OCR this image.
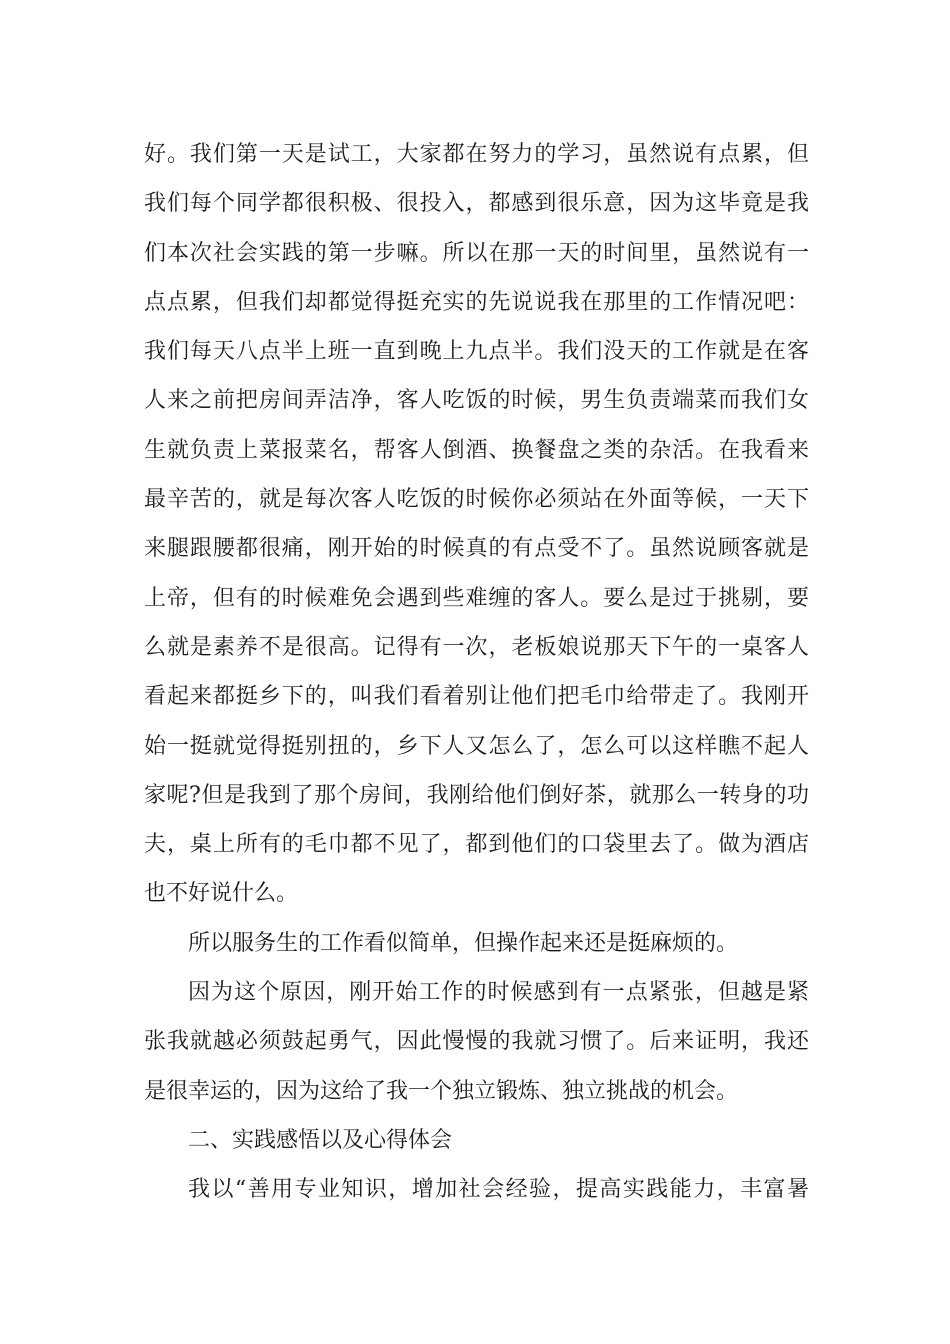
好。我们第一天是试工，大家都在努力的学习，虽然说有点累，但
我们每个同学都很积极、很投入，都感到很乐意，因为这毕竟是我
们本次社会实践的第一步嘛。所以在那一天的时间里，虽然说有一
点点累，但我们却都觉得挺充实的先说说我在那里的工作情况吧：
我们每天八点半上班一直到晚上九点半。我们没天的工作就是在客
人来之前把房间弄洁净，客人吃饭的时候，男生负责端菜而我们女
生就负责上菜报菜名，帮客人倒酒、换餐盘之类的杂活。在我看来
最辛苦的，就是每次客人吃饭的时候你必须站在外面等候，一天下
来腿跟腰都很痛，刚开始的时候真的有点受不了。虽然说顾客就是
上帝，但有的时候难免会遇到些难缠的客人。要么是过于挑剔，要
么就是素养不是很高。记得有一次，老板娘说那天下午的一桌客人
看起来都挺乡下的，叫我们看着别让他们把毛巾给带走了。我刚开
始一挺就觉得挺别扭的，乡下人又怎么了，怎么可以这样瞧不起人
家呢?但是我到了那个房间，我刚给他们倒好茶，就那么一转身的功
夫，桌上所有的毛巾都不见了，都到他们的口袋里去了。做为酒店
也不好说什么。
所以服务生的工作看似简单，但操作起来还是挺麻烦的。
因为这个原因，刚开始工作的时候感到有一点紧张，但越是紧
张我就越必须鼓起勇气，因此慢慢的我就习惯了。后来证明，我还
是很幸运的，因为这给了我一个独立锻炼、独立挑战的机会。
二、实践感悟以及心得体会
我以“善用专业知识，增加社会经验，提高实践能力，丰富暑
